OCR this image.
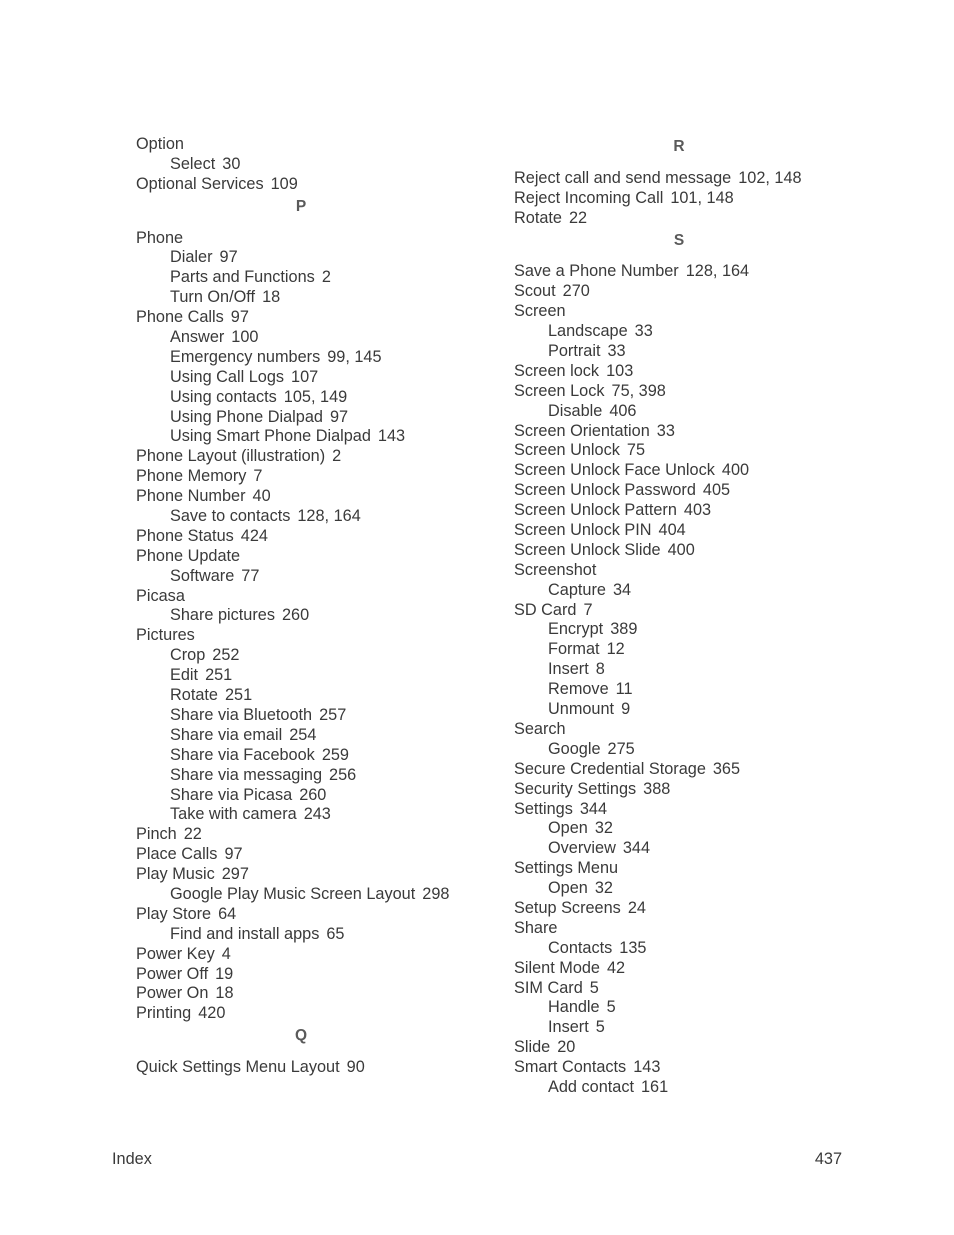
Option
Select 30
Optional Services 109
P
Phone
Dialer 97
Parts and Functions 2
Turn On/Off 18
Phone Calls 97
Answer 100
Emergency numbers 99, 145
Using Call Logs 107
Using contacts 105, 149
Using Phone Dialpad 97
Using Smart Phone Dialpad 143
Phone Layout (illustration) 2
Phone Memory 7
Phone Number 40
Save to contacts 128, 164
Phone Status 424
Phone Update
Software 77
Picasa
Share pictures 260
Pictures
Crop 252
Edit 251
Rotate 251
Share via Bluetooth 257
Share via email 254
Share via Facebook 259
Share via messaging 256
Share via Picasa 260
Take with camera 243
Pinch 22
Place Calls 97
Play Music 297
Google Play Music Screen Layout 298
Play Store 64
Find and install apps 65
Power Key 4
Power Off 19
Power On 18
Printing 420
Q
Quick Settings Menu Layout 90
R
Reject call and send message 102, 148
Reject Incoming Call 101, 148
Rotate 22
S
Save a Phone Number 128, 164
Scout 270
Screen
Landscape 33
Portrait 33
Screen lock 103
Screen Lock 75, 398
Disable 406
Screen Orientation 33
Screen Unlock 75
Screen Unlock Face Unlock 400
Screen Unlock Password 405
Screen Unlock Pattern 403
Screen Unlock PIN 404
Screen Unlock Slide 400
Screenshot
Capture 34
SD Card 7
Encrypt 389
Format 12
Insert 8
Remove 11
Unmount 9
Search
Google 275
Secure Credential Storage 365
Security Settings 388
Settings 344
Open 32
Overview 344
Settings Menu
Open 32
Setup Screens 24
Share
Contacts 135
Silent Mode 42
SIM Card 5
Handle 5
Insert 5
Slide 20
Smart Contacts 143
Add contact 161
Index	437
